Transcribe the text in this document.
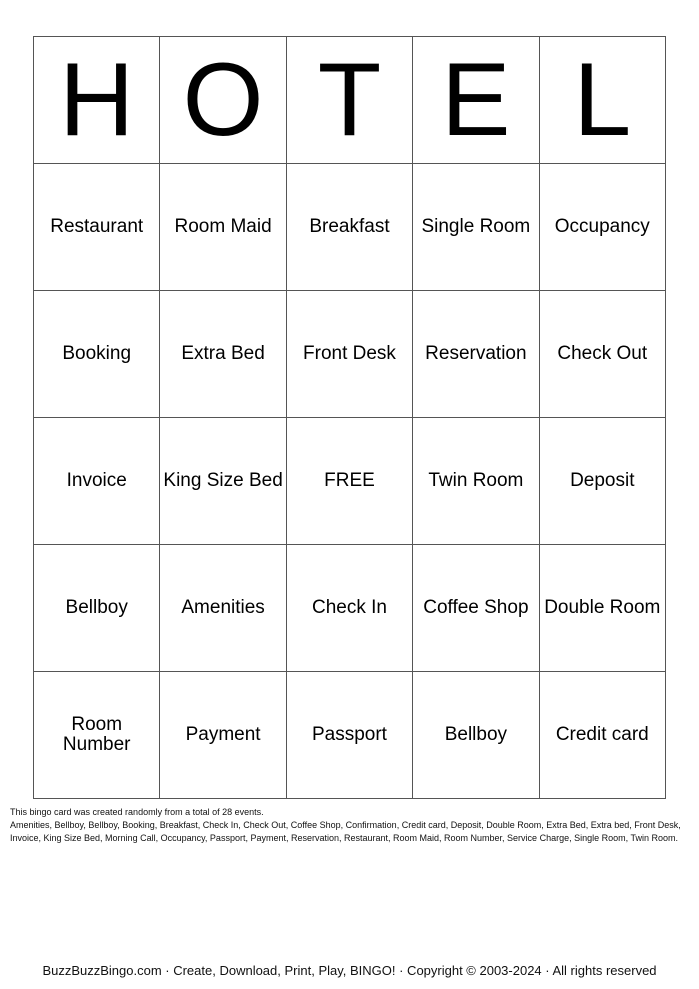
H	O	T	E	L
Restaurant	Room Maid	Breakfast	Single Room	Occupancy
Booking	Extra Bed	Front Desk	Reservation	Check Out
Invoice	King Size Bed	FREE	Twin Room	Deposit
Bellboy	Amenities	Check In	Coffee Shop	Double Room
Room Number	Payment	Passport	Bellboy	Credit card

This bingo card was created randomly from a total of 28 events.

Amenities, Bellboy, Bellboy, Booking, Breakfast, Check In, Check Out, Coffee Shop, Confirmation, Credit card, Deposit, Double Room, Extra Bed, Extra bed, Front Desk, Invoice, King Size Bed, Morning Call, Occupancy, Passport, Payment, Reservation, Restaurant, Room Maid, Room Number, Service Charge, Single Room, Twin Room.

BuzzBuzzBingo.com · Create, Download, Print, Play, BINGO! · Copyright © 2003-2024 · All rights reserved
